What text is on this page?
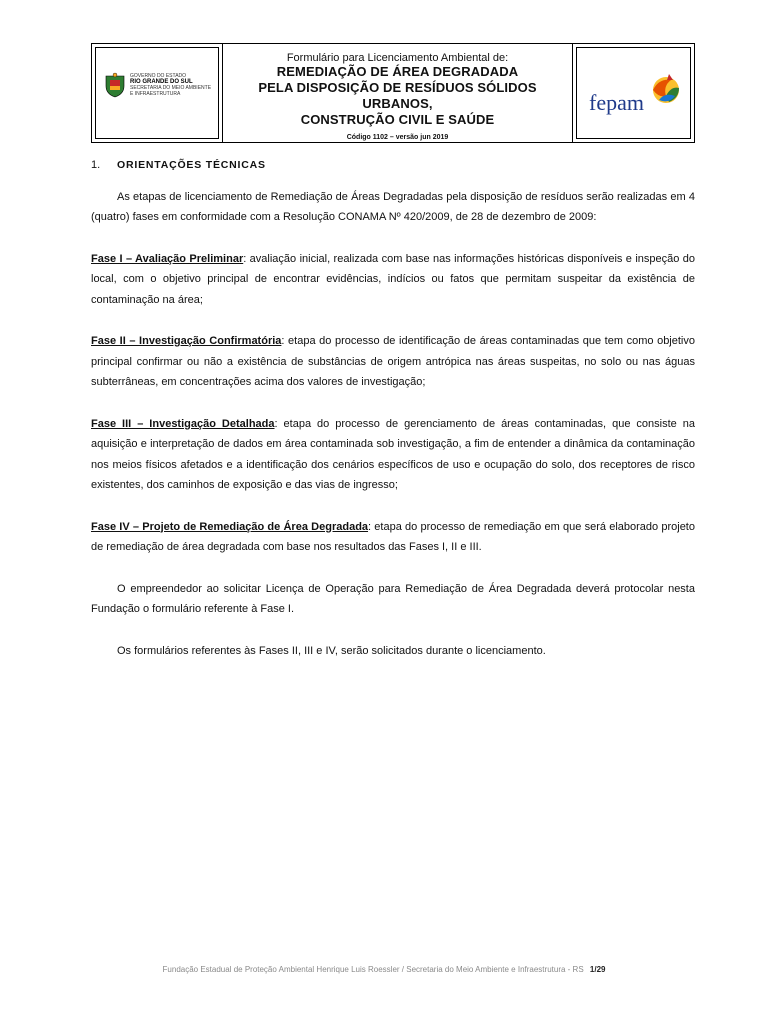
GOVERNO DO ESTADO
RIO GRANDE DO SUL
SECRETARIA DO MEIO AMBIENTE
E INFRAESTRUTURA
Formulário para Licenciamento Ambiental de:
REMEDIAÇÃO DE ÁREA DEGRADADA
PELA DISPOSIÇÃO DE RESÍDUOS SÓLIDOS URBANOS,
CONSTRUÇÃO CIVIL E SAÚDE
Código 1102 – versão jun 2019
fepam
1.	ORIENTAÇÕES TÉCNICAS

As etapas de licenciamento de Remediação de Áreas Degradadas pela disposição de resíduos serão realizadas em 4 (quatro) fases em conformidade com a Resolução CONAMA Nº 420/2009, de 28 de dezembro de 2009:

Fase I – Avaliação Preliminar: avaliação inicial, realizada com base nas informações históricas disponíveis e inspeção do local, com o objetivo principal de encontrar evidências, indícios ou fatos que permitam suspeitar da existência de contaminação na área;

Fase II – Investigação Confirmatória: etapa do processo de identificação de áreas contaminadas que tem como objetivo principal confirmar ou não a existência de substâncias de origem antrópica nas áreas suspeitas, no solo ou nas águas subterrâneas, em concentrações acima dos valores de investigação;

Fase III – Investigação Detalhada: etapa do processo de gerenciamento de áreas contaminadas, que consiste na aquisição e interpretação de dados em área contaminada sob investigação, a fim de entender a dinâmica da contaminação nos meios físicos afetados e a identificação dos cenários específicos de uso e ocupação do solo, dos receptores de risco existentes, dos caminhos de exposição e das vias de ingresso;

Fase IV – Projeto de Remediação de Área Degradada: etapa do processo de remediação em que será elaborado projeto de remediação de área degradada com base nos resultados das Fases I, II e III.

O empreendedor ao solicitar Licença de Operação para Remediação de Área Degradada deverá protocolar nesta Fundação o formulário referente à Fase I.

Os formulários referentes às Fases II, III e IV, serão solicitados durante o licenciamento.

Fundação Estadual de Proteção Ambiental Henrique Luis Roessler / Secretaria do Meio Ambiente e Infraestrutura - RS 1/29
